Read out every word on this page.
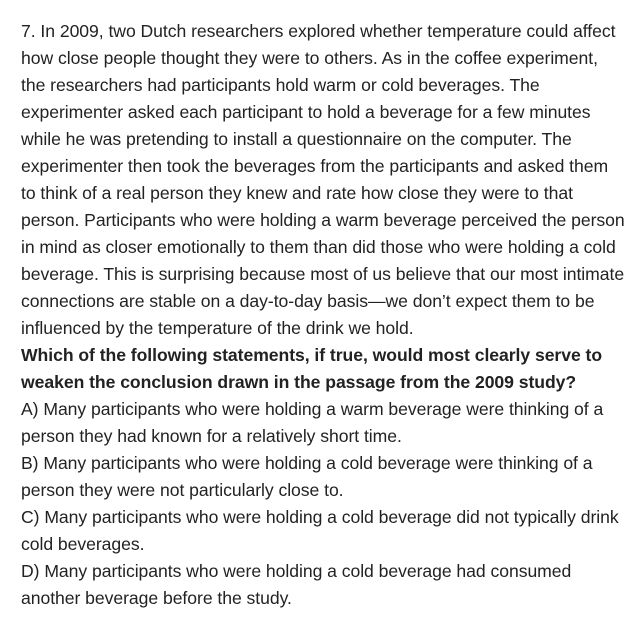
7. In 2009, two Dutch researchers explored whether temperature could affect how close people thought they were to others. As in the coffee experiment, the researchers had participants hold warm or cold beverages. The experimenter asked each participant to hold a beverage for a few minutes while he was pretending to install a questionnaire on the computer. The experimenter then took the beverages from the participants and asked them to think of a real person they knew and rate how close they were to that person. Participants who were holding a warm beverage perceived the person in mind as closer emotionally to them than did those who were holding a cold beverage. This is surprising because most of us believe that our most intimate connections are stable on a day-to-day basis—we don’t expect them to be influenced by the temperature of the drink we hold.

Which of the following statements, if true, would most clearly serve to weaken the conclusion drawn in the passage from the 2009 study?

A) Many participants who were holding a warm beverage were thinking of a person they had known for a relatively short time.

B) Many participants who were holding a cold beverage were thinking of a person they were not particularly close to.

C) Many participants who were holding a cold beverage did not typically drink cold beverages.

D) Many participants who were holding a cold beverage had consumed another beverage before the study.
